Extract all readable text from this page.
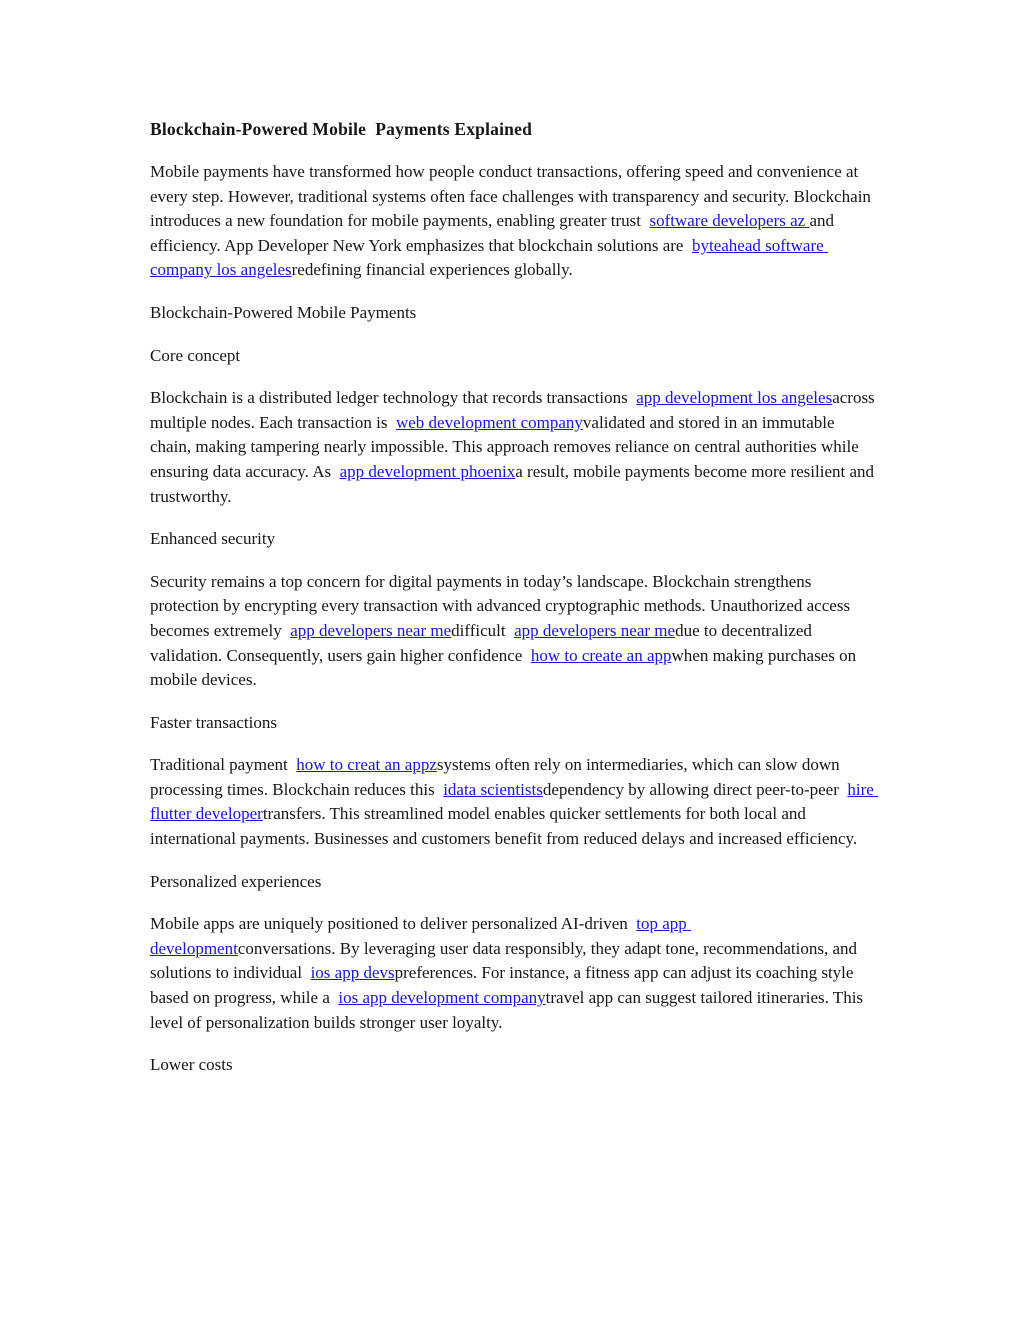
Blockchain-Powered Mobile  Payments Explained

Mobile payments have transformed how people conduct transactions, offering speed and convenience at every step. However, traditional systems often face challenges with transparency and security. Blockchain introduces a new foundation for mobile payments, enabling greater trust  software developers az and efficiency. App Developer New York emphasizes that blockchain solutions are  byteahead software company los angelesredefining financial experiences globally.

Blockchain-Powered Mobile Payments
Core concept

Blockchain is a distributed ledger technology that records transactions  app development los angelesacross multiple nodes. Each transaction is  web development companyvalidated and stored in an immutable chain, making tampering nearly impossible. This approach removes reliance on central authorities while ensuring data accuracy. As  app development phoenixa result, mobile payments become more resilient and trustworthy.

Enhanced security

Security remains a top concern for digital payments in today’s landscape. Blockchain strengthens protection by encrypting every transaction with advanced cryptographic methods. Unauthorized access becomes extremely  app developers near medifficult  app developers near medue to decentralized validation. Consequently, users gain higher confidence  how to create an appwhen making purchases on mobile devices.

Faster transactions

Traditional payment  how to creat an appzsystems often rely on intermediaries, which can slow down processing times. Blockchain reduces this  idata scientistsdependency by allowing direct peer-to-peer  hire flutter developertransfers. This streamlined model enables quicker settlements for both local and international payments. Businesses and customers benefit from reduced delays and increased efficiency.

Personalized experiences

Mobile apps are uniquely positioned to deliver personalized AI-driven  top app developmentconversations. By leveraging user data responsibly, they adapt tone, recommendations, and solutions to individual  ios app devspreferences. For instance, a fitness app can adjust its coaching style based on progress, while a  ios app development companytravel app can suggest tailored itineraries. This level of personalization builds stronger user loyalty.

Lower costs
